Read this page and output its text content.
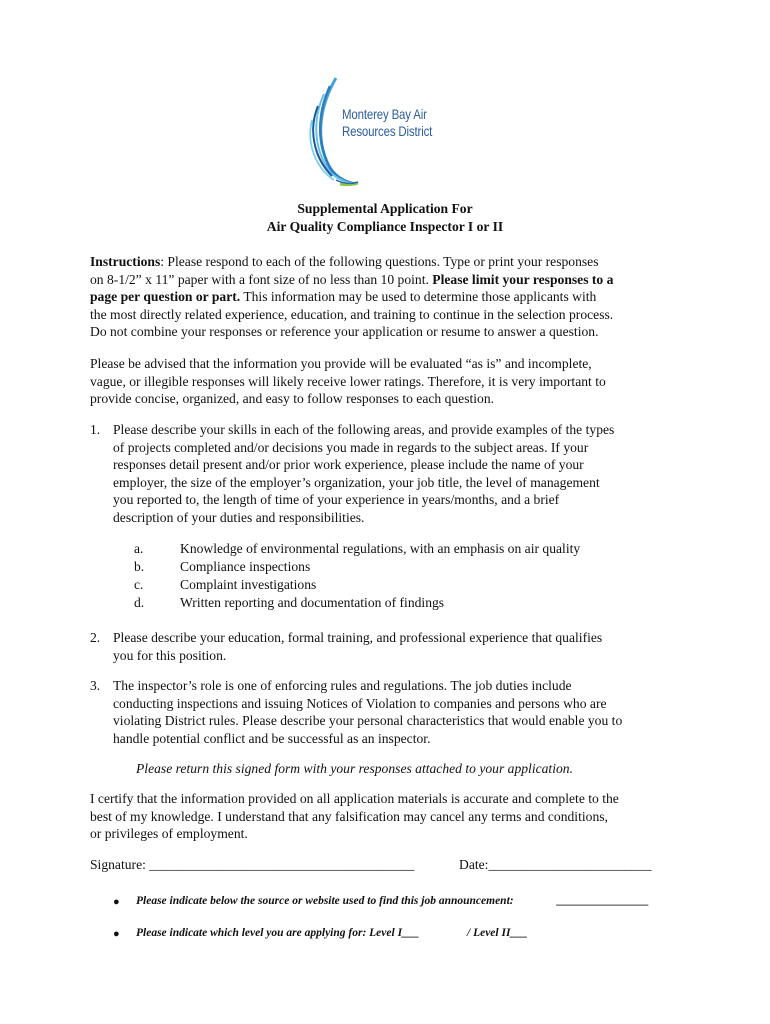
Monterey Bay Air
Resources District
Supplemental Application For
Air Quality Compliance Inspector I or II
Instructions: Please respond to each of the following questions. Type or print your responses
on 8-1/2” x 11” paper with a font size of no less than 10 point. Please limit your responses to a
page per question or part. This information may be used to determine those applicants with
the most directly related experience, education, and training to continue in the selection process.
Do not combine your responses or reference your application or resume to answer a question.
Please be advised that the information you provide will be evaluated “as is” and incomplete,
vague, or illegible responses will likely receive lower ratings. Therefore, it is very important to
provide concise, organized, and easy to follow responses to each question.
1. Please describe your skills in each of the following areas, and provide examples of the types
of projects completed and/or decisions you made in regards to the subject areas. If your
responses detail present and/or prior work experience, please include the name of your
employer, the size of the employer’s organization, your job title, the level of management
you reported to, the length of time of your experience in years/months, and a brief
description of your duties and responsibilities.
a.	Knowledge of environmental regulations, with an emphasis on air quality
b.	Compliance inspections
c.	Complaint investigations
d.	Written reporting and documentation of findings
2. Please describe your education, formal training, and professional experience that qualifies
you for this position.
3. The inspector’s role is one of enforcing rules and regulations. The job duties include
conducting inspections and issuing Notices of Violation to companies and persons who are
violating District rules. Please describe your personal characteristics that would enable you to
handle potential conflict and be successful as an inspector.
Please return this signed form with your responses attached to your application.
I certify that the information provided on all application materials is accurate and complete to the
best of my knowledge. I understand that any falsification may cancel any terms and conditions,
or privileges of employment.
Signature: _______________________________________	Date:________________________
● Please indicate below the source or website used to find this job announcement:	________________
● Please indicate which level you are applying for: Level I___	/ Level II___
